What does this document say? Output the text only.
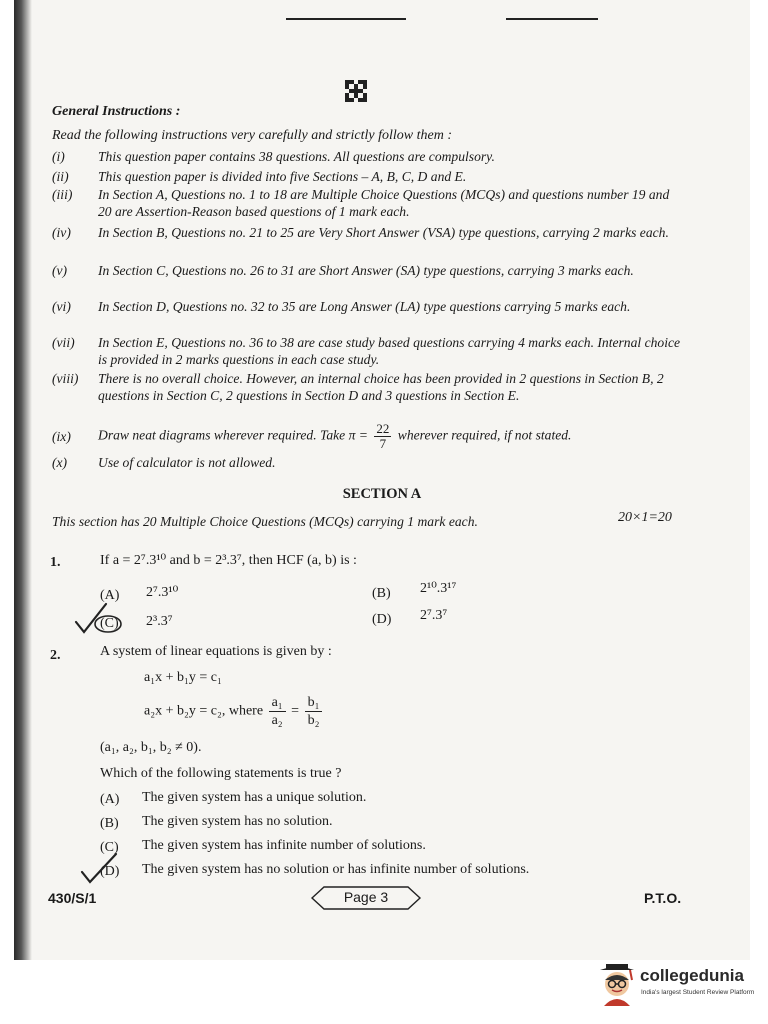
General Instructions :
Read the following instructions very carefully and strictly follow them :
(i)	This question paper contains 38 questions. All questions are compulsory.
(ii)	This question paper is divided into five Sections – A, B, C, D and E.
(iii)	In Section A, Questions no. 1 to 18 are Multiple Choice Questions (MCQs) and questions number 19 and 20 are Assertion-Reason based questions of 1 mark each.
(iv)	In Section B, Questions no. 21 to 25 are Very Short Answer (VSA) type questions, carrying 2 marks each.
(v)	In Section C, Questions no. 26 to 31 are Short Answer (SA) type questions, carrying 3 marks each.
(vi)	In Section D, Questions no. 32 to 35 are Long Answer (LA) type questions carrying 5 marks each.
(vii)	In Section E, Questions no. 36 to 38 are case study based questions carrying 4 marks each. Internal choice is provided in 2 marks questions in each case study.
(viii)	There is no overall choice. However, an internal choice has been provided in 2 questions in Section B, 2 questions in Section C, 2 questions in Section D and 3 questions in Section E.
(ix)	Draw neat diagrams wherever required. Take $\pi = \frac{22}{7}$ wherever required, if not stated.
(x)	Use of calculator is not allowed.
SECTION A
This section has 20 Multiple Choice Questions (MCQs) carrying 1 mark each.	20×1=20
1.	If a = 2⁷.3¹⁰ and b = 2³.3⁷, then HCF (a, b) is :
(A) 2⁷.3¹⁰	(B) 2¹⁰.3¹⁷
(C) 2³.3⁷	(D) 2⁷.3⁷
2.	A system of linear equations is given by :
a₁x + b₁y = c₁
a₂x + b₂y = c₂, where $\frac{\text{a₁}}{\text{a₂}} = \frac{\text{b₁}}{\text{b₂}}$
(a₁, a₂, b₁, b₂ ≠ 0).
Which of the following statements is true ?
(A) The given system has a unique solution.
(B) The given system has no solution.
(C) The given system has infinite number of solutions.
(D) The given system has no solution or has infinite number of solutions.
430/S/1	Page 3	P.T.O.
collegedunia
India's largest Student Review Platform
